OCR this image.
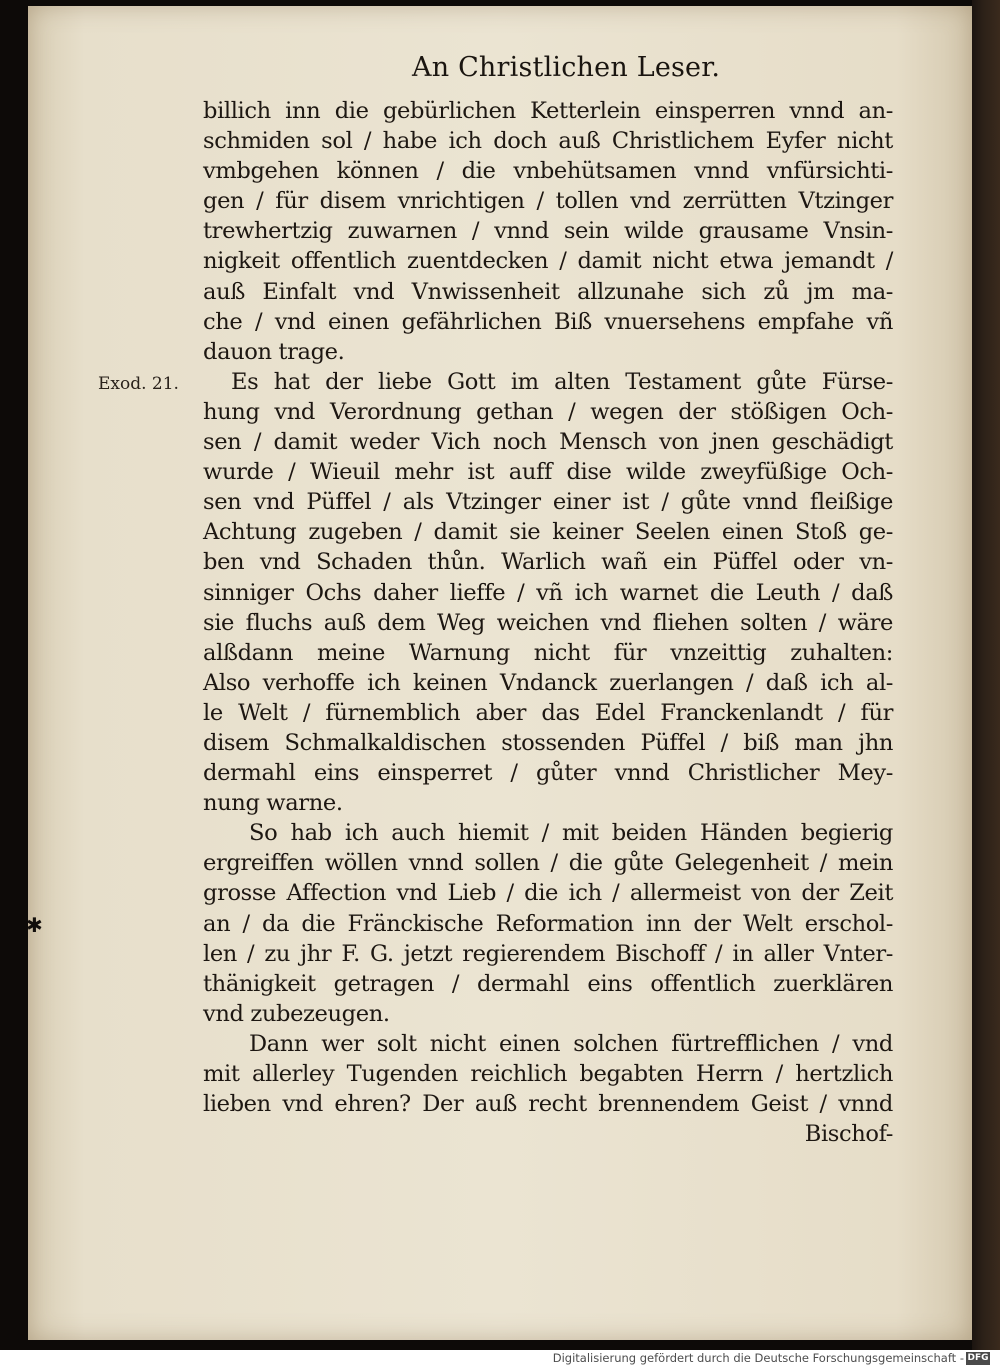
An Christlichen Leser.
Exod. 21.
✱
billich inn die gebürlichen Ketterlein einsperren vnnd an-
schmiden sol / habe ich doch auß Christlichem Eyfer nicht
vmbgehen können / die vnbehütsamen vnnd vnfürsichti-
gen / für disem vnrichtigen / tollen vnd zerrütten Vtzinger
trewhertzig zuwarnen / vnnd sein wilde grausame Vnsin-
nigkeit offentlich zuentdecken / damit nicht etwa jemandt /
auß Einfalt vnd Vnwissenheit allzunahe sich zů jm ma-
che / vnd einen gefährlichen Biß vnuersehens empfahe vñ
dauon trage.
Es hat der liebe Gott im alten Testament gůte Fürse-
hung vnd Verordnung gethan / wegen der stößigen Och-
sen / damit weder Vich noch Mensch von jnen geschädigt
wurde / Wieuil mehr ist auff dise wilde zweyfüßige Och-
sen vnd Püffel / als Vtzinger einer ist / gůte vnnd fleißige
Achtung zugeben / damit sie keiner Seelen einen Stoß ge-
ben vnd Schaden thůn. Warlich wañ ein Püffel oder vn-
sinniger Ochs daher lieffe / vñ ich warnet die Leuth / daß
sie fluchs auß dem Weg weichen vnd fliehen solten / wäre
alßdann meine Warnung nicht für vnzeittig zuhalten:
Also verhoffe ich keinen Vndanck zuerlangen / daß ich al-
le Welt / fürnemblich aber das Edel Franckenlandt / für
disem Schmalkaldischen stossenden Püffel / biß man jhn
dermahl eins einsperret / gůter vnnd Christlicher Mey-
nung warne.
So hab ich auch hiemit / mit beiden Händen begierig
ergreiffen wöllen vnnd sollen / die gůte Gelegenheit / mein
grosse Affection vnd Lieb / die ich / allermeist von der Zeit
an / da die Fränckische Reformation inn der Welt erschol-
len / zu jhr F. G. jetzt regierendem Bischoff / in aller Vnter-
thänigkeit getragen / dermahl eins offentlich zuerklären
vnd zubezeugen.
Dann wer solt nicht einen solchen fürtrefflichen / vnd
mit allerley Tugenden reichlich begabten Herrn / hertzlich
lieben vnd ehren? Der auß recht brennendem Geist / vnnd
Bischof-
Digitalisierung gefördert durch die Deutsche Forschungsgemeinschaft - DFG
